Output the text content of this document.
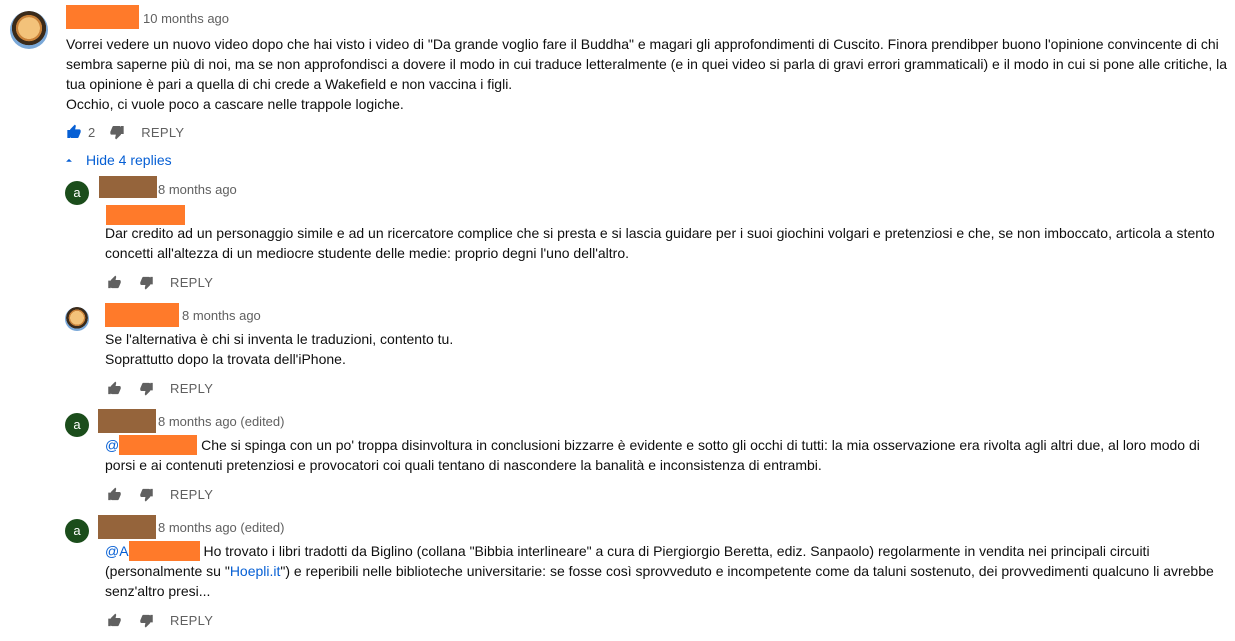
10 months ago
Vorrei vedere un nuovo video dopo che hai visto i video di "Da grande voglio fare il Buddha" e magari gli approfondimenti di Cuscito. Finora prendibper buono l'opinione convincente di chi
sembra saperne più di noi, ma se non approfondisci a dovere il modo in cui traduce letteralmente (e in quei video si parla di gravi errori grammaticali) e il modo in cui si pone alle critiche, la
tua opinione è pari a quella di chi crede a Wakefield e non vaccina i figli.
Occhio, ci vuole poco a cascare nelle trappole logiche.
2	REPLY
Hide 4 replies
a	8 months ago
Dar credito ad un personaggio simile e ad un ricercatore complice che si presta e si lascia guidare per i suoi giochini volgari e pretenziosi e che, se non imboccato, articola a stento
concetti all'altezza di un mediocre studente delle medie: proprio degni l'uno dell'altro.
REPLY
8 months ago
Se l'alternativa è chi si inventa le traduzioni, contento tu.
Soprattutto dopo la trovata dell'iPhone.
REPLY
a	8 months ago (edited)
@	Che si spinga con un po' troppa disinvoltura in conclusioni bizzarre è evidente e sotto gli occhi di tutti: la mia osservazione era rivolta agli altri due, al loro modo di
porsi e ai contenuti pretenziosi e provocatori coi quali tentano di nascondere la banalità e inconsistenza di entrambi.
REPLY
a	8 months ago (edited)
@A	Ho trovato i libri tradotti da Biglino (collana "Bibbia interlineare" a cura di Piergiorgio Beretta, ediz. Sanpaolo) regolarmente in vendita nei principali circuiti
(personalmente su "Hoepli.it") e reperibili nelle biblioteche universitarie: se fosse così sprovveduto e incompetente come da taluni sostenuto, dei provvedimenti qualcuno li avrebbe
senz'altro presi...
REPLY
